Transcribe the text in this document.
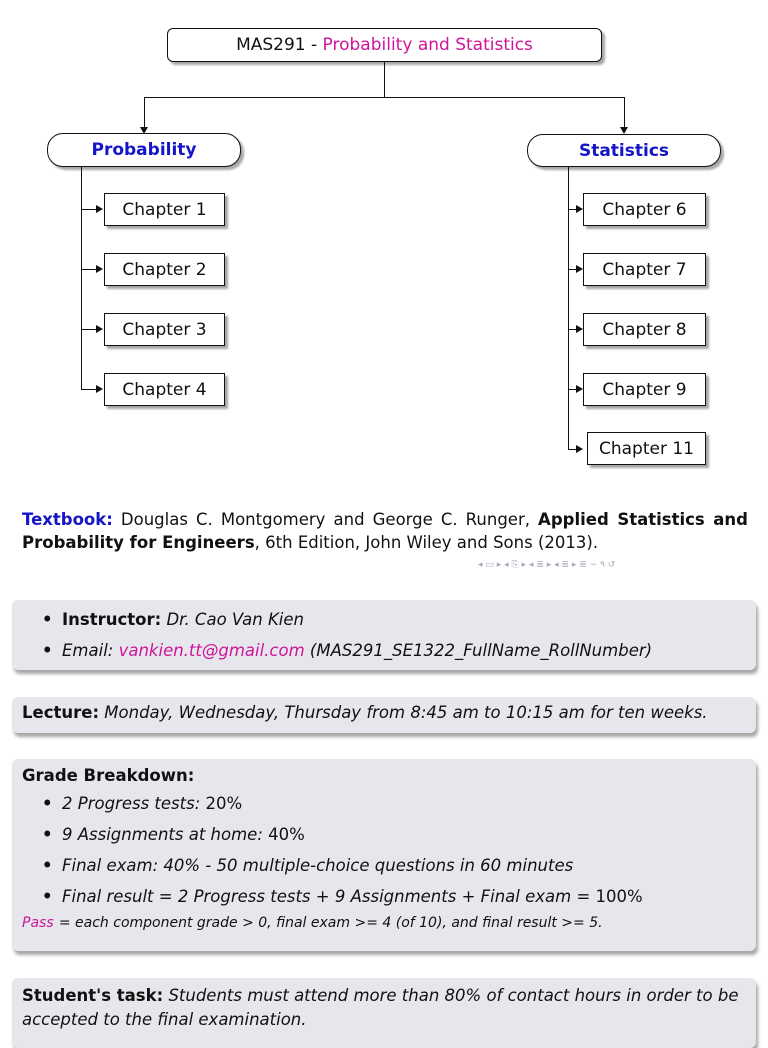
MAS291 - Probability and Statistics
Probability	Statistics
Chapter 1
Chapter 2
Chapter 3
Chapter 4
Chapter 6
Chapter 7
Chapter 8
Chapter 9
Chapter 11
Textbook: Douglas C. Montgomery and George C. Runger, Applied Statistics and Probability for Engineers, 6th Edition, John Wiley and Sons (2013).
◂ ▭ ▸ ◂ ⎘ ▸ ◂ ≣ ▸ ◂ ≣ ▸ ≣ ∽ ٩ ↺
• Instructor: Dr. Cao Van Kien
• Email: vankien.tt@gmail.com (MAS291_SE1322_FullName_RollNumber)
Lecture: Monday, Wednesday, Thursday from 8:45 am to 10:15 am for ten weeks.
Grade Breakdown:
• 2 Progress tests: 20%
• 9 Assignments at home: 40%
• Final exam: 40% - 50 multiple-choice questions in 60 minutes
• Final result = 2 Progress tests + 9 Assignments + Final exam = 100%
Pass = each component grade > 0, final exam >= 4 (of 10), and final result >= 5.
Student's task: Students must attend more than 80% of contact hours in order to be accepted to the final examination.
